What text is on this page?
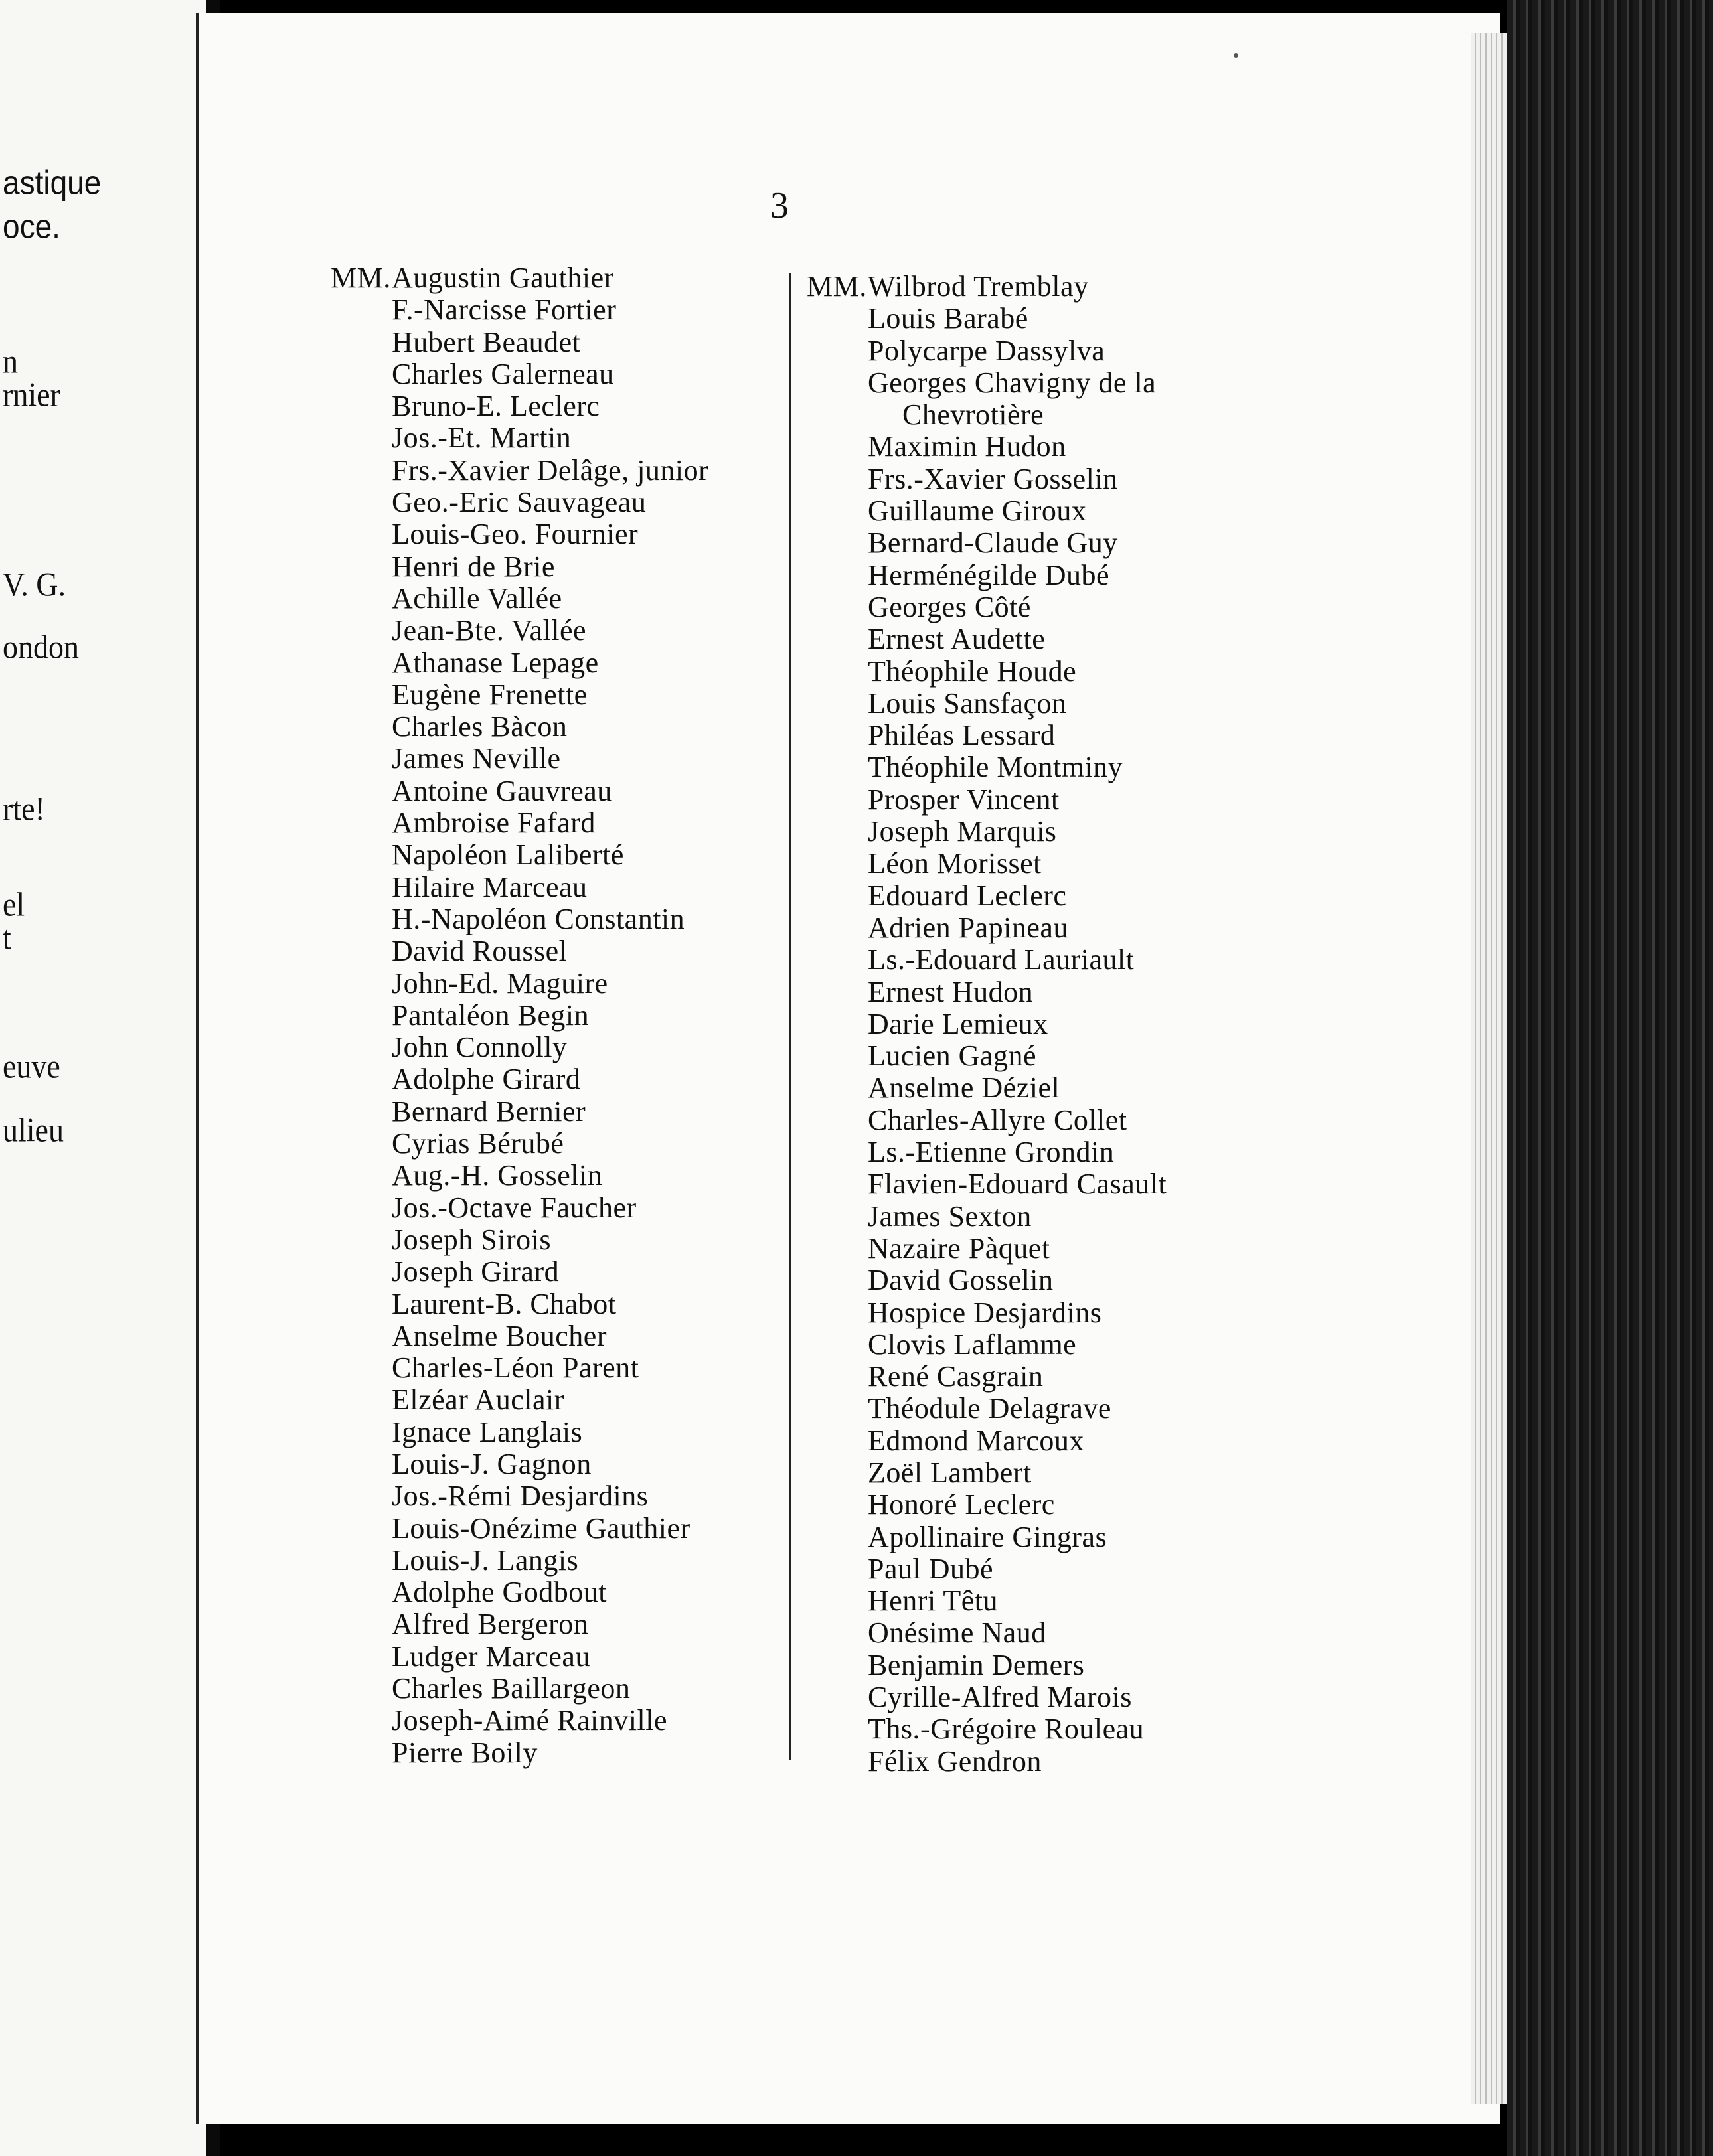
astique
oce.
n
rnier
V. G.
ondon
rte!
el
t
euve
ulieu
3
MM.Augustin Gauthier
F.-Narcisse Fortier
Hubert Beaudet
Charles Galerneau
Bruno-E. Leclerc
Jos.-Et. Martin
Frs.-Xavier Delâge, junior
Geo.-Eric Sauvageau
Louis-Geo. Fournier
Henri de Brie
Achille Vallée
Jean-Bte. Vallée
Athanase Lepage
Eugène Frenette
Charles Bàcon
James Neville
Antoine Gauvreau
Ambroise Fafard
Napoléon Laliberté
Hilaire Marceau
H.-Napoléon Constantin
David Roussel
John-Ed. Maguire
Pantaléon Begin
John Connolly
Adolphe Girard
Bernard Bernier
Cyrias Bérubé
Aug.-H. Gosselin
Jos.-Octave Faucher
Joseph Sirois
Joseph Girard
Laurent-B. Chabot
Anselme Boucher
Charles-Léon Parent
Elzéar Auclair
Ignace Langlais
Louis-J. Gagnon
Jos.-Rémi Desjardins
Louis-Onézime Gauthier
Louis-J. Langis
Adolphe Godbout
Alfred Bergeron
Ludger Marceau
Charles Baillargeon
Joseph-Aimé Rainville
Pierre Boily
MM.Wilbrod Tremblay
Louis Barabé
Polycarpe Dassylva
Georges Chavigny de la
Chevrotière
Maximin Hudon
Frs.-Xavier Gosselin
Guillaume Giroux
Bernard-Claude Guy
Herménégilde Dubé
Georges Côté
Ernest Audette
Théophile Houde
Louis Sansfaçon
Philéas Lessard
Théophile Montminy
Prosper Vincent
Joseph Marquis
Léon Morisset
Edouard Leclerc
Adrien Papineau
Ls.-Edouard Lauriault
Ernest Hudon
Darie Lemieux
Lucien Gagné
Anselme Déziel
Charles-Allyre Collet
Ls.-Etienne Grondin
Flavien-Edouard Casault
James Sexton
Nazaire Pàquet
David Gosselin
Hospice Desjardins
Clovis Laflamme
René Casgrain
Théodule Delagrave
Edmond Marcoux
Zoël Lambert
Honoré Leclerc
Apollinaire Gingras
Paul Dubé
Henri Têtu
Onésime Naud
Benjamin Demers
Cyrille-Alfred Marois
Ths.-Grégoire Rouleau
Félix Gendron
